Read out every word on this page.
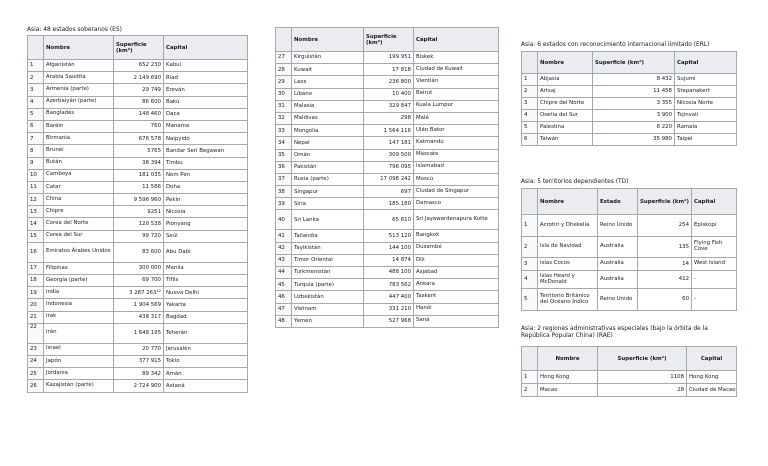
Asia: 48 estados soberanos (ES)
	Nombre	Superficie (km²)	Capital
1	Afganistán	652 230	Kabul
2	Arabia Saudita	2 149 690	Riad
3	Armenia (parte)	29 749	Ereván
4	Azerbaiyán (parte)	86 600	Bakú
5	Bangladés	148 460	Daca
6	Baréin	760	Manama
7	Birmania	676 578	Naipyidó
8	Brunéi	5765	Bandar Seri Begawan
9	Bután	38 394	Timbu
10	Camboya	181 035	Nom Pen
11	Catar	11 586	Doha
12	China	9 596 960	Pekín
13	Chipre	9251	Nicosia
14	Corea del Norte	120 538	Pionyang
15	Corea del Sur	99 720	Seúl
16	Emiratos Árabes Unidos	83 600	Abu Dabi
17	Filipinas	300 000	Manila
18	Georgia (parte)	69 700	Tiflis
19	India	3 287 $263^{12}$	Nueva Delhi
20	Indonesia	1 904 569	Yakarta
21	Irak	438 317	Bagdad
22	Irán	1 648 195	Teherán
23	Israel	20 770	Jerusalén
24	Japón	377 915	Tokio
25	Jordania	89 342	Amán
26	Kazajistán (parte)	2 724 900	Astaná
	Nombre	Superficie (km²)	Capital
27	Kirguistán	199 951	Biskek
28	Kuwait	17 818	Ciudad de Kuwait
29	Laos	236 800	Vientián
30	Líbano	10 400	Beirut
31	Malasia	329 847	Kuala Lumpur
32	Maldivas	298	Malé
33	Mongolia	1 564 116	Ulán Bator
34	Nepal	147 181	Katmandú
35	Omán	309 500	Mascate
36	Pakistán	796 095	Islamabad
37	Rusia (parte)	17 098 242	Moscú
38	Singapur	697	Ciudad de Singapur
39	Siria	185 180	Damasco
40	Sri Lanka	65 610	Sri Jayawardenapura Kotte
41	Tailandia	513 120	Bangkok
42	Tayikistán	144 100	Dusambé
43	Timor Oriental	14 874	Dili
44	Turkmenistán	488 100	Asjabad
45	Turquía (parte)	783 562	Ankara
46	Uzbekistán	447 400	Taskent
47	Vietnam	331 210	Hanói
48	Yemen	527 968	Saná
Asia: 6 estados con reconocimiento internacional limitado (ERL)
	Nombre	Superficie (km²)	Capital
1	Abjasia	8 432	Sujumi
2	Artsaj	11 458	Stepanakert
3	Chipre del Norte	3 355	Nicosia Norte
4	Osetia del Sur	3 900	Tsjinvali
5	Palestina	6 220	Ramala
6	Taiwán	35 980	Taipéi
Asia: 5 territorios dependientes (TD)
	Nombre	Estado	Superficie (km²)	Capital
1	Acrotiri y Dhekelia	Reino Unido	254	Episkopi
2	Isla de Navidad	Australia	135	Flying Fish Cove
3	Islas Cocos	Australia	14	West Island
4	Islas Heard y McDonald	Australia	412	-
5	Territorio Británico del Océano Índico	Reino Unido	60	-
Asia: 2 regiones administrativas especiales (bajo la órbita de la República Popular China) (RAE)
	Nombre	Superficie (km²)	Capital
1	Hong Kong	1108	Hong Kong
2	Macao	28	Ciudad de Macao
